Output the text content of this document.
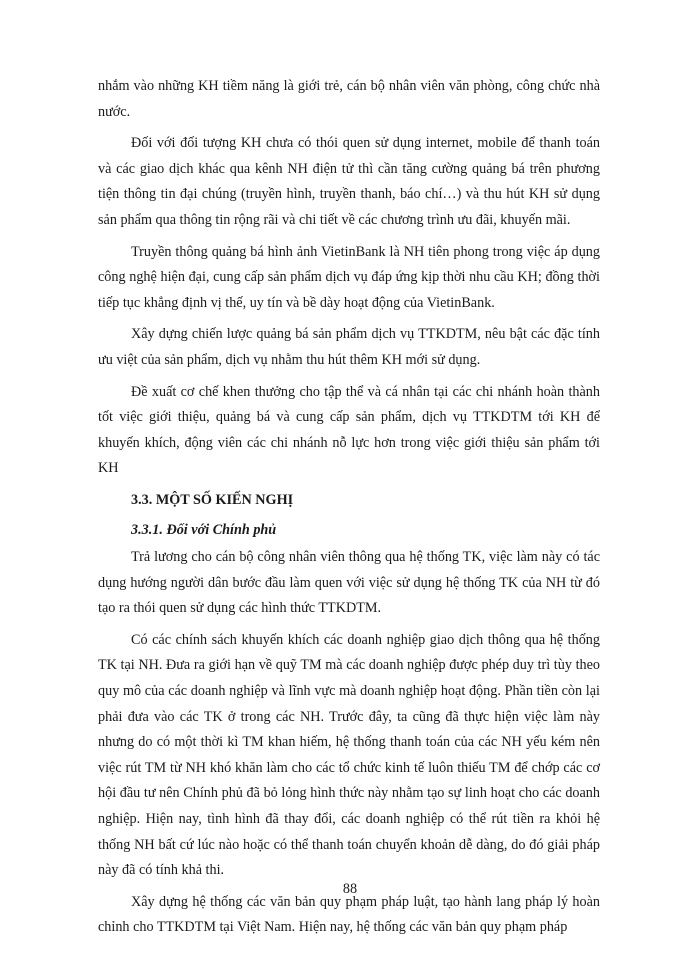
nhắm vào những KH tiềm năng là giới trẻ, cán bộ nhân viên văn phòng, công chức nhà nước.

Đối với đối tượng KH chưa có thói quen sử dụng internet, mobile để thanh toán và các giao dịch khác qua kênh NH điện tử thì cần tăng cường quảng bá trên phương tiện thông tin đại chúng (truyền hình, truyền thanh, báo chí…) và thu hút KH sử dụng sản phẩm qua thông tin rộng rãi và chi tiết về các chương trình ưu đãi, khuyến mãi.

Truyền thông quảng bá hình ảnh VietinBank là NH tiên phong trong việc áp dụng công nghệ hiện đại, cung cấp sản phẩm dịch vụ đáp ứng kịp thời nhu cầu KH; đồng thời tiếp tục khẳng định vị thế, uy tín và bề dày hoạt động của VietinBank.

Xây dựng chiến lược quảng bá sản phẩm dịch vụ TTKDTM, nêu bật các đặc tính ưu việt của sản phẩm, dịch vụ nhằm thu hút thêm KH mới sử dụng.

Đề xuất cơ chế khen thưởng cho tập thể và cá nhân tại các chi nhánh hoàn thành tốt việc giới thiệu, quảng bá và cung cấp sản phẩm, dịch vụ TTKDTM tới KH để khuyến khích, động viên các chi nhánh nỗ lực hơn trong việc giới thiệu sản phẩm tới KH

3.3. MỘT SỐ KIẾN NGHỊ
3.3.1. Đối với Chính phủ

Trả lương cho cán bộ công nhân viên thông qua hệ thống TK, việc làm này có tác dụng hướng người dân bước đầu làm quen với việc sử dụng hệ thống TK của NH từ đó tạo ra thói quen sử dụng các hình thức TTKDTM.

Có các chính sách khuyến khích các doanh nghiệp giao dịch thông qua hệ thống TK tại NH. Đưa ra giới hạn về quỹ TM mà các doanh nghiệp được phép duy trì tùy theo quy mô của các doanh nghiệp và lĩnh vực mà doanh nghiệp hoạt động. Phần tiền còn lại phải đưa vào các TK ở trong các NH. Trước đây, ta cũng đã thực hiện việc làm này nhưng do có một thời kì TM khan hiếm, hệ thống thanh toán của các NH yếu kém nên việc rút TM từ NH khó khăn làm cho các tổ chức kinh tế luôn thiếu TM để chớp các cơ hội đầu tư nên Chính phủ đã bỏ lỏng hình thức này nhằm tạo sự linh hoạt cho các doanh nghiệp. Hiện nay, tình hình đã thay đổi, các doanh nghiệp có thể rút tiền ra khỏi hệ thống NH bất cứ lúc nào hoặc có thể thanh toán chuyển khoản dễ dàng, do đó giải pháp này đã có tính khả thi.

Xây dựng hệ thống các văn bản quy phạm pháp luật, tạo hành lang pháp lý hoàn chỉnh cho TTKDTM tại Việt Nam. Hiện nay, hệ thống các văn bản quy phạm pháp

88
